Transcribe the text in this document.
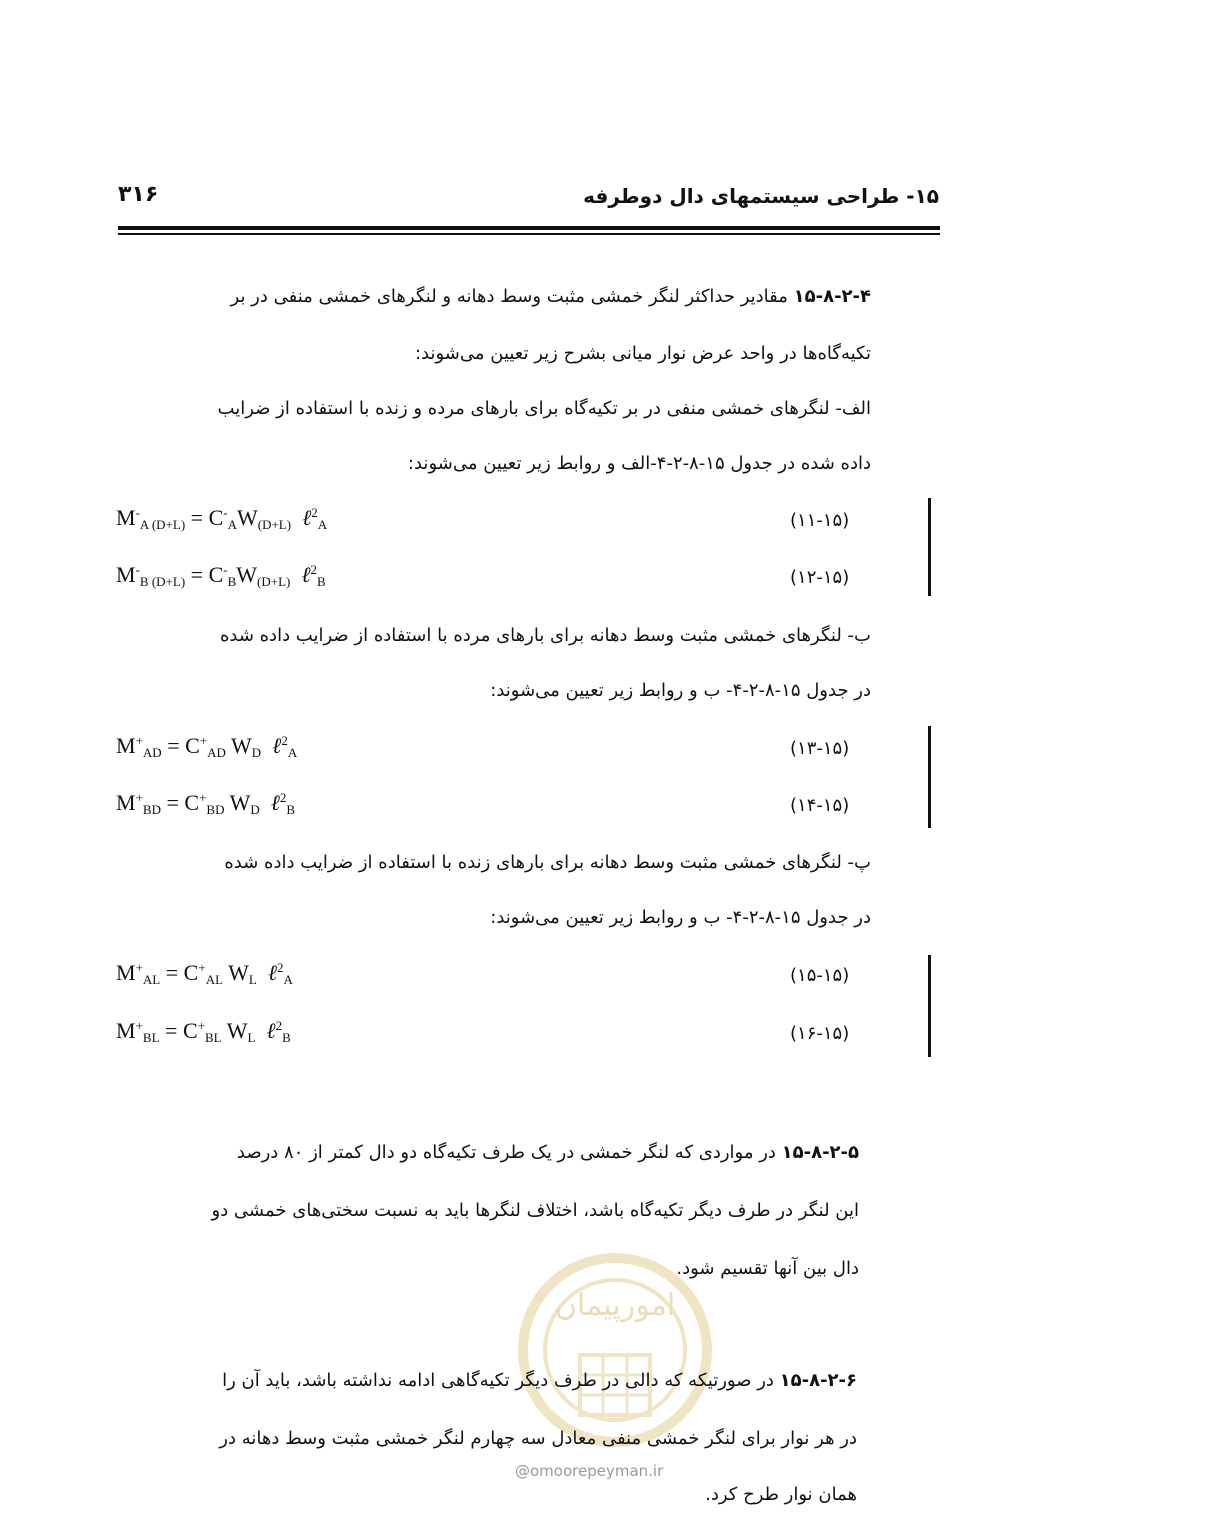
۳۱۶	۱۵- طراحی سیستمهای دال دوطرفه
۱۵-۸-۲-۴ مقادیر حداکثر لنگر خمشی مثبت وسط دهانه و لنگرهای خمشی منفی در بر
تکیه‌گاه‌ها در واحد عرض نوار میانی بشرح زیر تعیین می‌شوند:
الف- لنگرهای خمشی منفی در بر تکیه‌گاه برای بارهای مرده و زنده با استفاده از ضرایب
داده شده در جدول ۱۵-۸-۲-۴-الف و روابط زیر تعیین می‌شوند:
$M^-_{A (D+L)} = C^-_AW_{(D+L)}$ ℓ$^2_A$	(۱۱-۱۵)
$M^-_{B (D+L)} = C^-_BW_{(D+L)}$ ℓ$^2_B$	(۱۲-۱۵)
ب- لنگرهای خمشی مثبت وسط دهانه برای بارهای مرده با استفاده از ضرایب داده شده
در جدول ۱۵-۸-۲-۴- ب و روابط زیر تعیین می‌شوند:
$M^+_{AD} = C^+_{AD}$ $W_D$ ℓ$^2_A$	(۱۳-۱۵)
$M^+_{BD} = C^+_{BD}$ $W_D$ ℓ$^2_B$	(۱۴-۱۵)
پ- لنگرهای خمشی مثبت وسط دهانه برای بارهای زنده با استفاده از ضرایب داده شده
در جدول ۱۵-۸-۲-۴- ب و روابط زیر تعیین می‌شوند:
$M^+_{AL} = C^+_{AL}$ $W_L$ ℓ$^2_A$	(۱۵-۱۵)
$M^+_{BL} = C^+_{BL}$ $W_L$ ℓ$^2_B$	(۱۶-۱۵)
۱۵-۸-۲-۵ در مواردی که لنگر خمشی در یک طرف تکیه‌گاه دو دال کمتر از ۸۰ درصد
این لنگر در طرف دیگر تکیه‌گاه باشد، اختلاف لنگرها باید به نسبت سختی‌های خمشی دو
دال بین آنها تقسیم شود.
امورپیمان
@omoorepeyman.ir
۱۵-۸-۲-۶ در صورتیکه که دالی در طرف دیگر تکیه‌گاهی ادامه نداشته باشد، باید آن را
در هر نوار برای لنگر خمشی منفی معادل سه چهارم لنگر خمشی مثبت وسط دهانه در
همان نوار طرح کرد.
